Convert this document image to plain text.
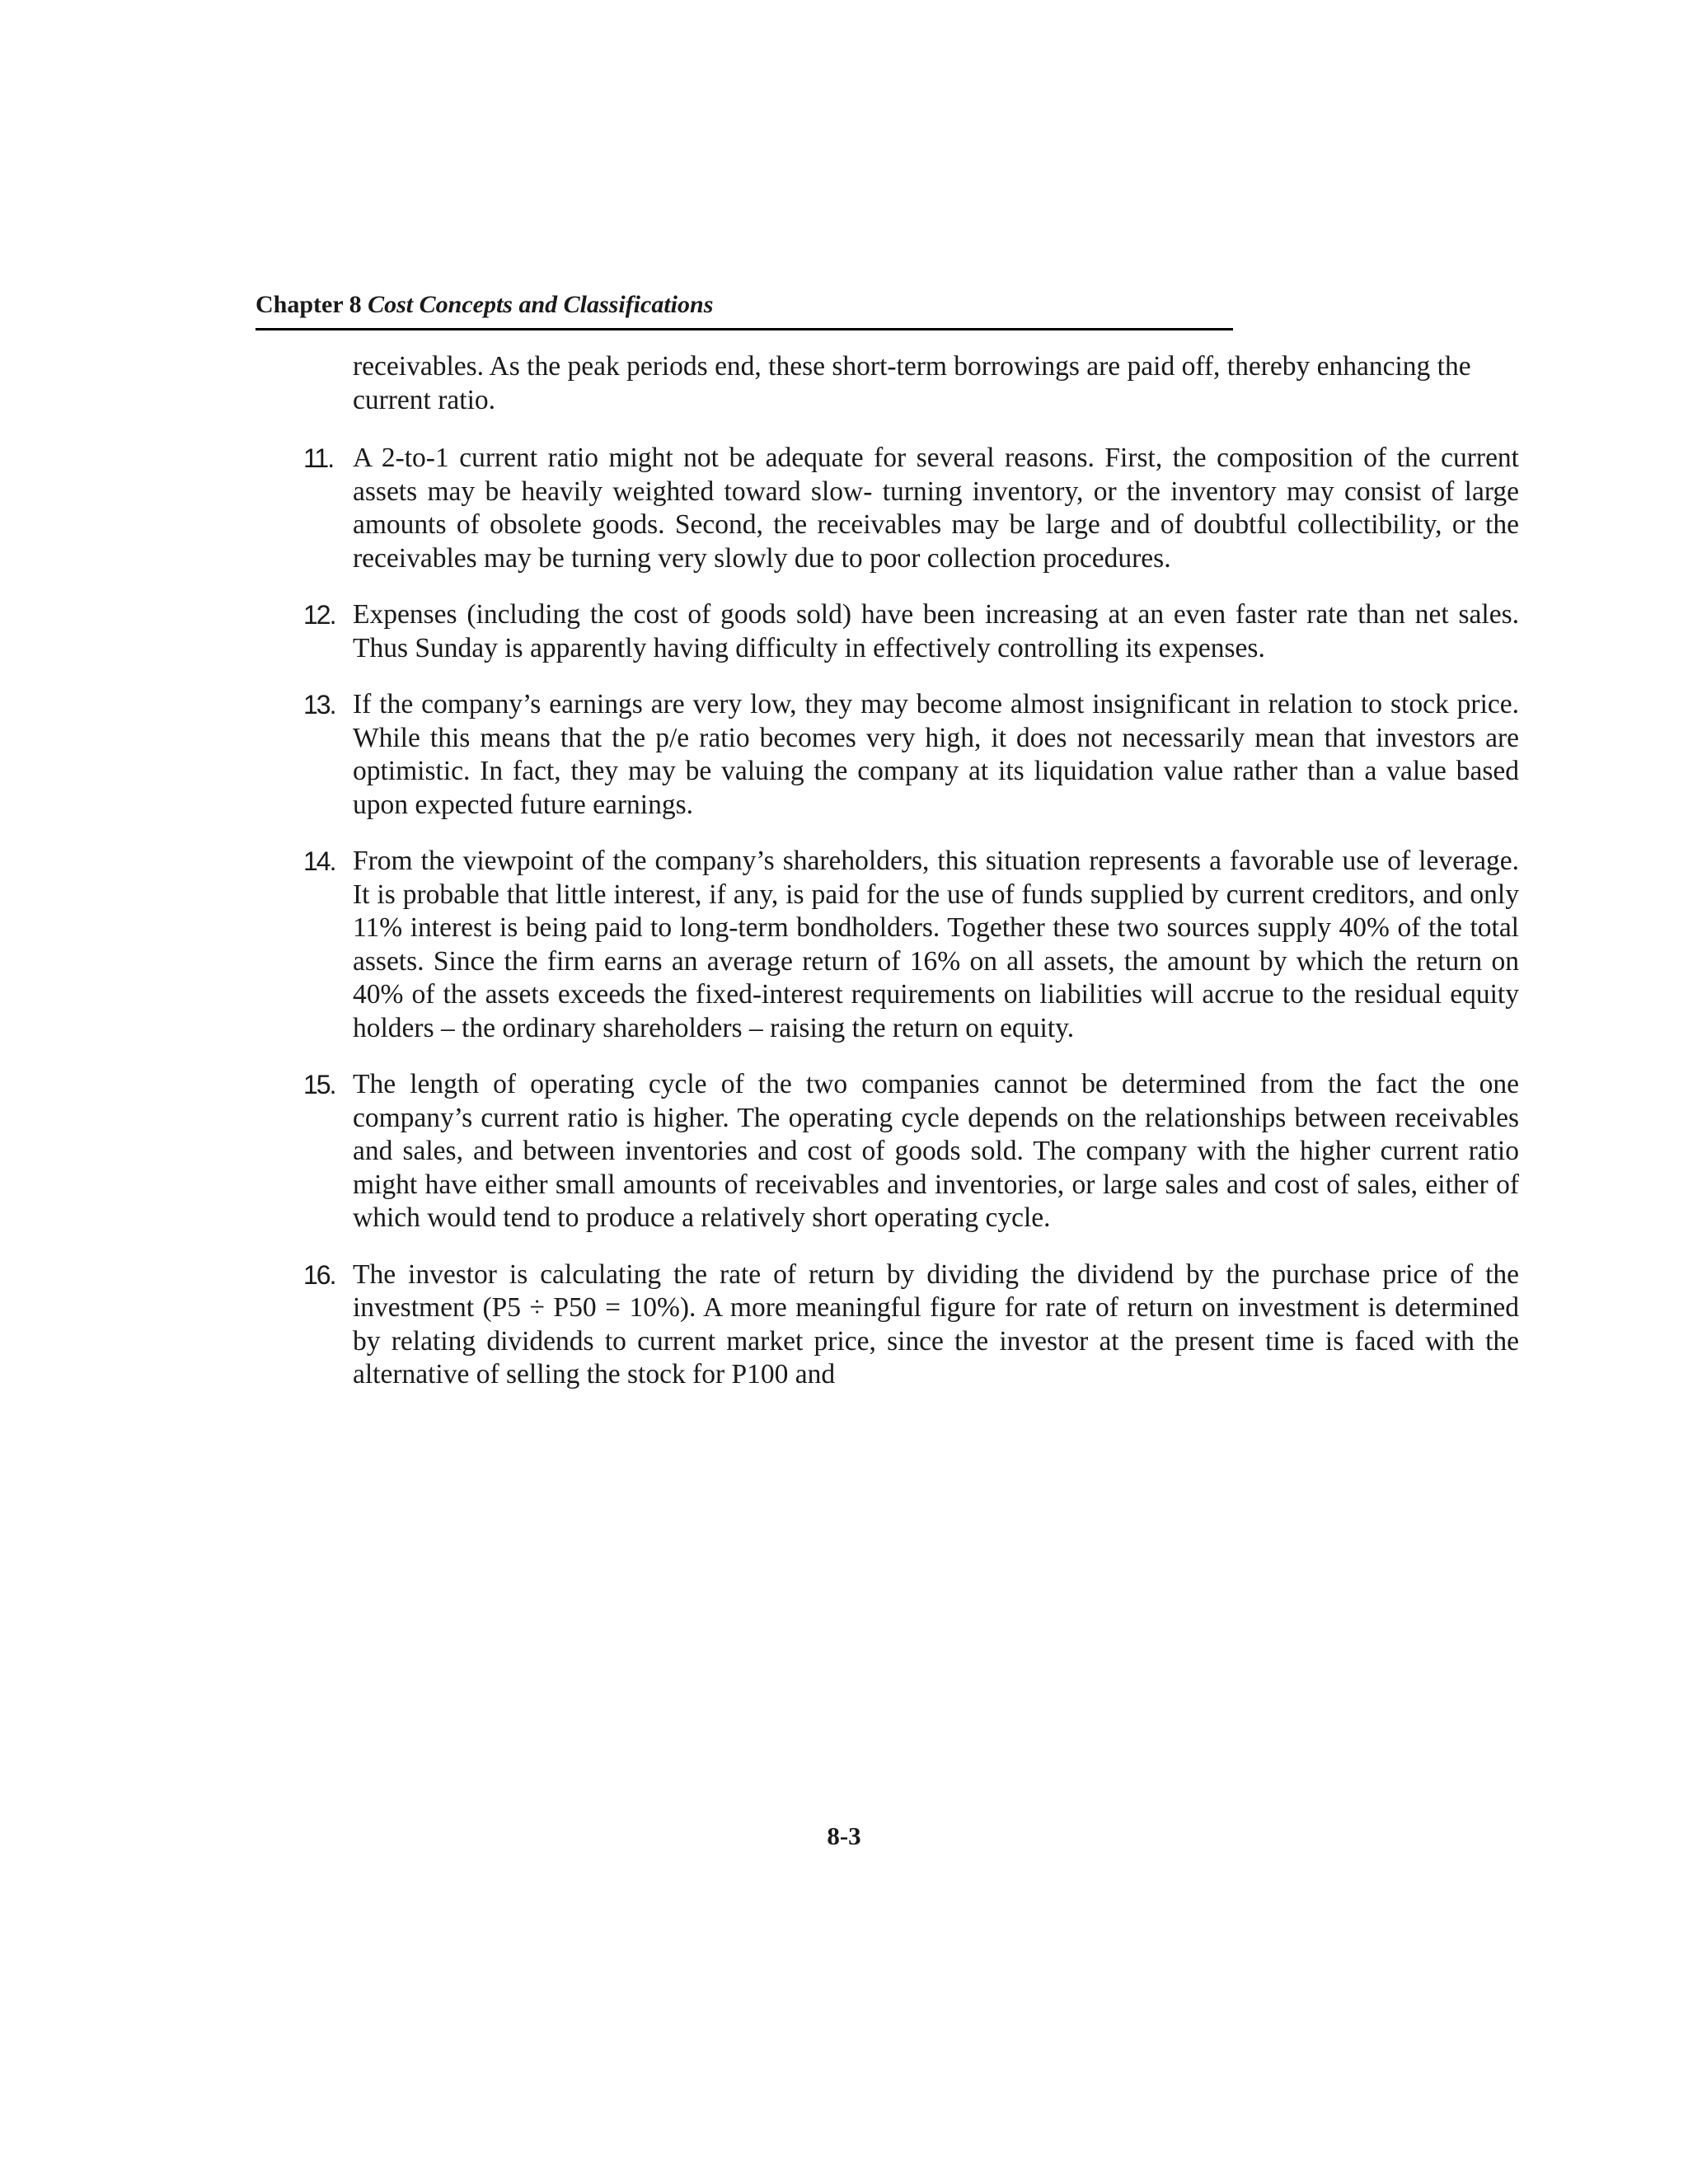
Chapter 8 Cost Concepts and Classifications

receivables. As the peak periods end, these short-term borrowings are paid off, thereby enhancing the current ratio.

11. A 2-to-1 current ratio might not be adequate for several reasons. First, the composition of the current assets may be heavily weighted toward slow- turning inventory, or the inventory may consist of large amounts of obsolete goods. Second, the receivables may be large and of doubtful collectibility, or the receivables may be turning very slowly due to poor collection procedures.
12. Expenses (including the cost of goods sold) have been increasing at an even faster rate than net sales. Thus Sunday is apparently having difficulty in effectively controlling its expenses.
13. If the company’s earnings are very low, they may become almost insignificant in relation to stock price. While this means that the p/e ratio becomes very high, it does not necessarily mean that investors are optimistic. In fact, they may be valuing the company at its liquidation value rather than a value based upon expected future earnings.
14. From the viewpoint of the company’s shareholders, this situation represents a favorable use of leverage. It is probable that little interest, if any, is paid for the use of funds supplied by current creditors, and only 11% interest is being paid to long-term bondholders. Together these two sources supply 40% of the total assets. Since the firm earns an average return of 16% on all assets, the amount by which the return on 40% of the assets exceeds the fixed-interest requirements on liabilities will accrue to the residual equity holders – the ordinary shareholders – raising the return on equity.
15. The length of operating cycle of the two companies cannot be determined from the fact the one company’s current ratio is higher. The operating cycle depends on the relationships between receivables and sales, and between inventories and cost of goods sold. The company with the higher current ratio might have either small amounts of receivables and inventories, or large sales and cost of sales, either of which would tend to produce a relatively short operating cycle.
16. The investor is calculating the rate of return by dividing the dividend by the purchase price of the investment (P5 ÷ P50 = 10%). A more meaningful figure for rate of return on investment is determined by relating dividends to current market price, since the investor at the present time is faced with the alternative of selling the stock for P100 and
8-3
